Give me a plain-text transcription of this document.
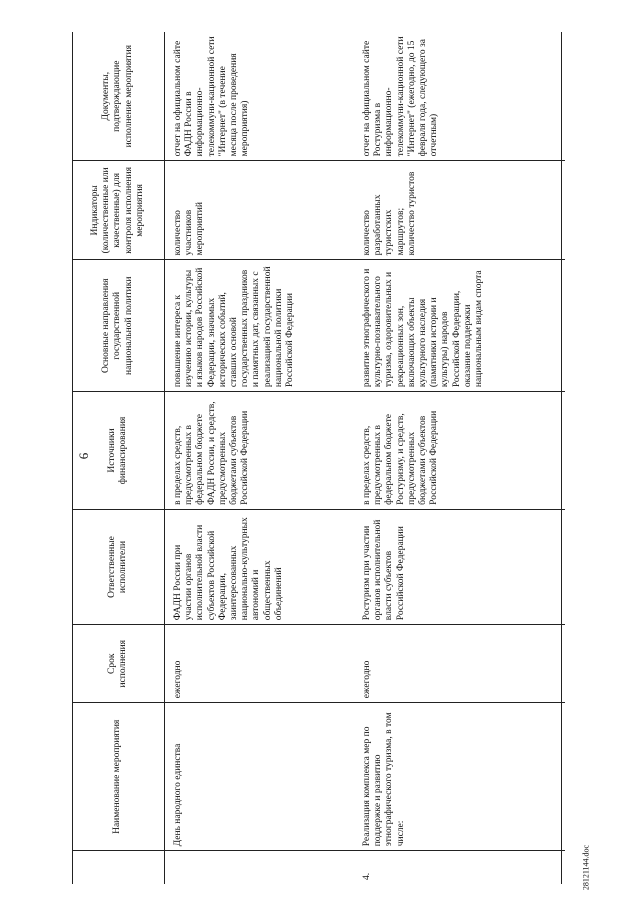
6
	Наименование мероприятия	Срок исполнения	Ответственные исполнители	Источники финансирования	Основные направления государственной национальной политики	Индикаторы (количественные или качественные) для контроля исполнения мероприятия	Документы, подтверждающие исполнение мероприятия
	День народного единства	ежегодно	ФАДН России при участии органов исполнительной власти субъектов Российской Федерации, заинтересованных национально-культурных автономий и общественных объединений	в пределах средств, предусмотренных в федеральном бюджете ФАДН России, и средств, предусмотренных бюджетами субъектов Российской Федерации	повышение интереса к изучению истории, культуры и языков народов Российской Федерации, значимых исторических событий, ставших основой государственных праздников и памятных дат, связанных с реализацией государственной национальной политики Российской Федерации	количество участников мероприятий	отчет на официальном сайте ФАДН России в информационно-телекоммуни-кационной сети "Интернет" (в течение месяца после проведения мероприятия)
4.	Реализация комплекса мер по поддержке и развитию этнографического туризма, в том числе:	ежегодно	Ростуризм при участии органов исполнительной власти субъектов Российской Федерации	в пределах средств, предусмотренных в федеральном бюджете Ростуризму, и средств, предусмотренных бюджетами субъектов Российской Федерации	развитие этнографического и культурно-познавательного туризма, оздоровительных и рекреационных зон, включающих объекты культурного наследия (памятники истории и культуры) народов Российской Федерации, оказание поддержки национальным видам спорта	количество разработанных туристских маршрутов; количество туристов	отчет на официальном сайте Ростуризма в информационно-телекоммуни-кационной сети "Интернет" (ежегодно, до 15 февраля года, следующего за отчетным)
28121144.doc
